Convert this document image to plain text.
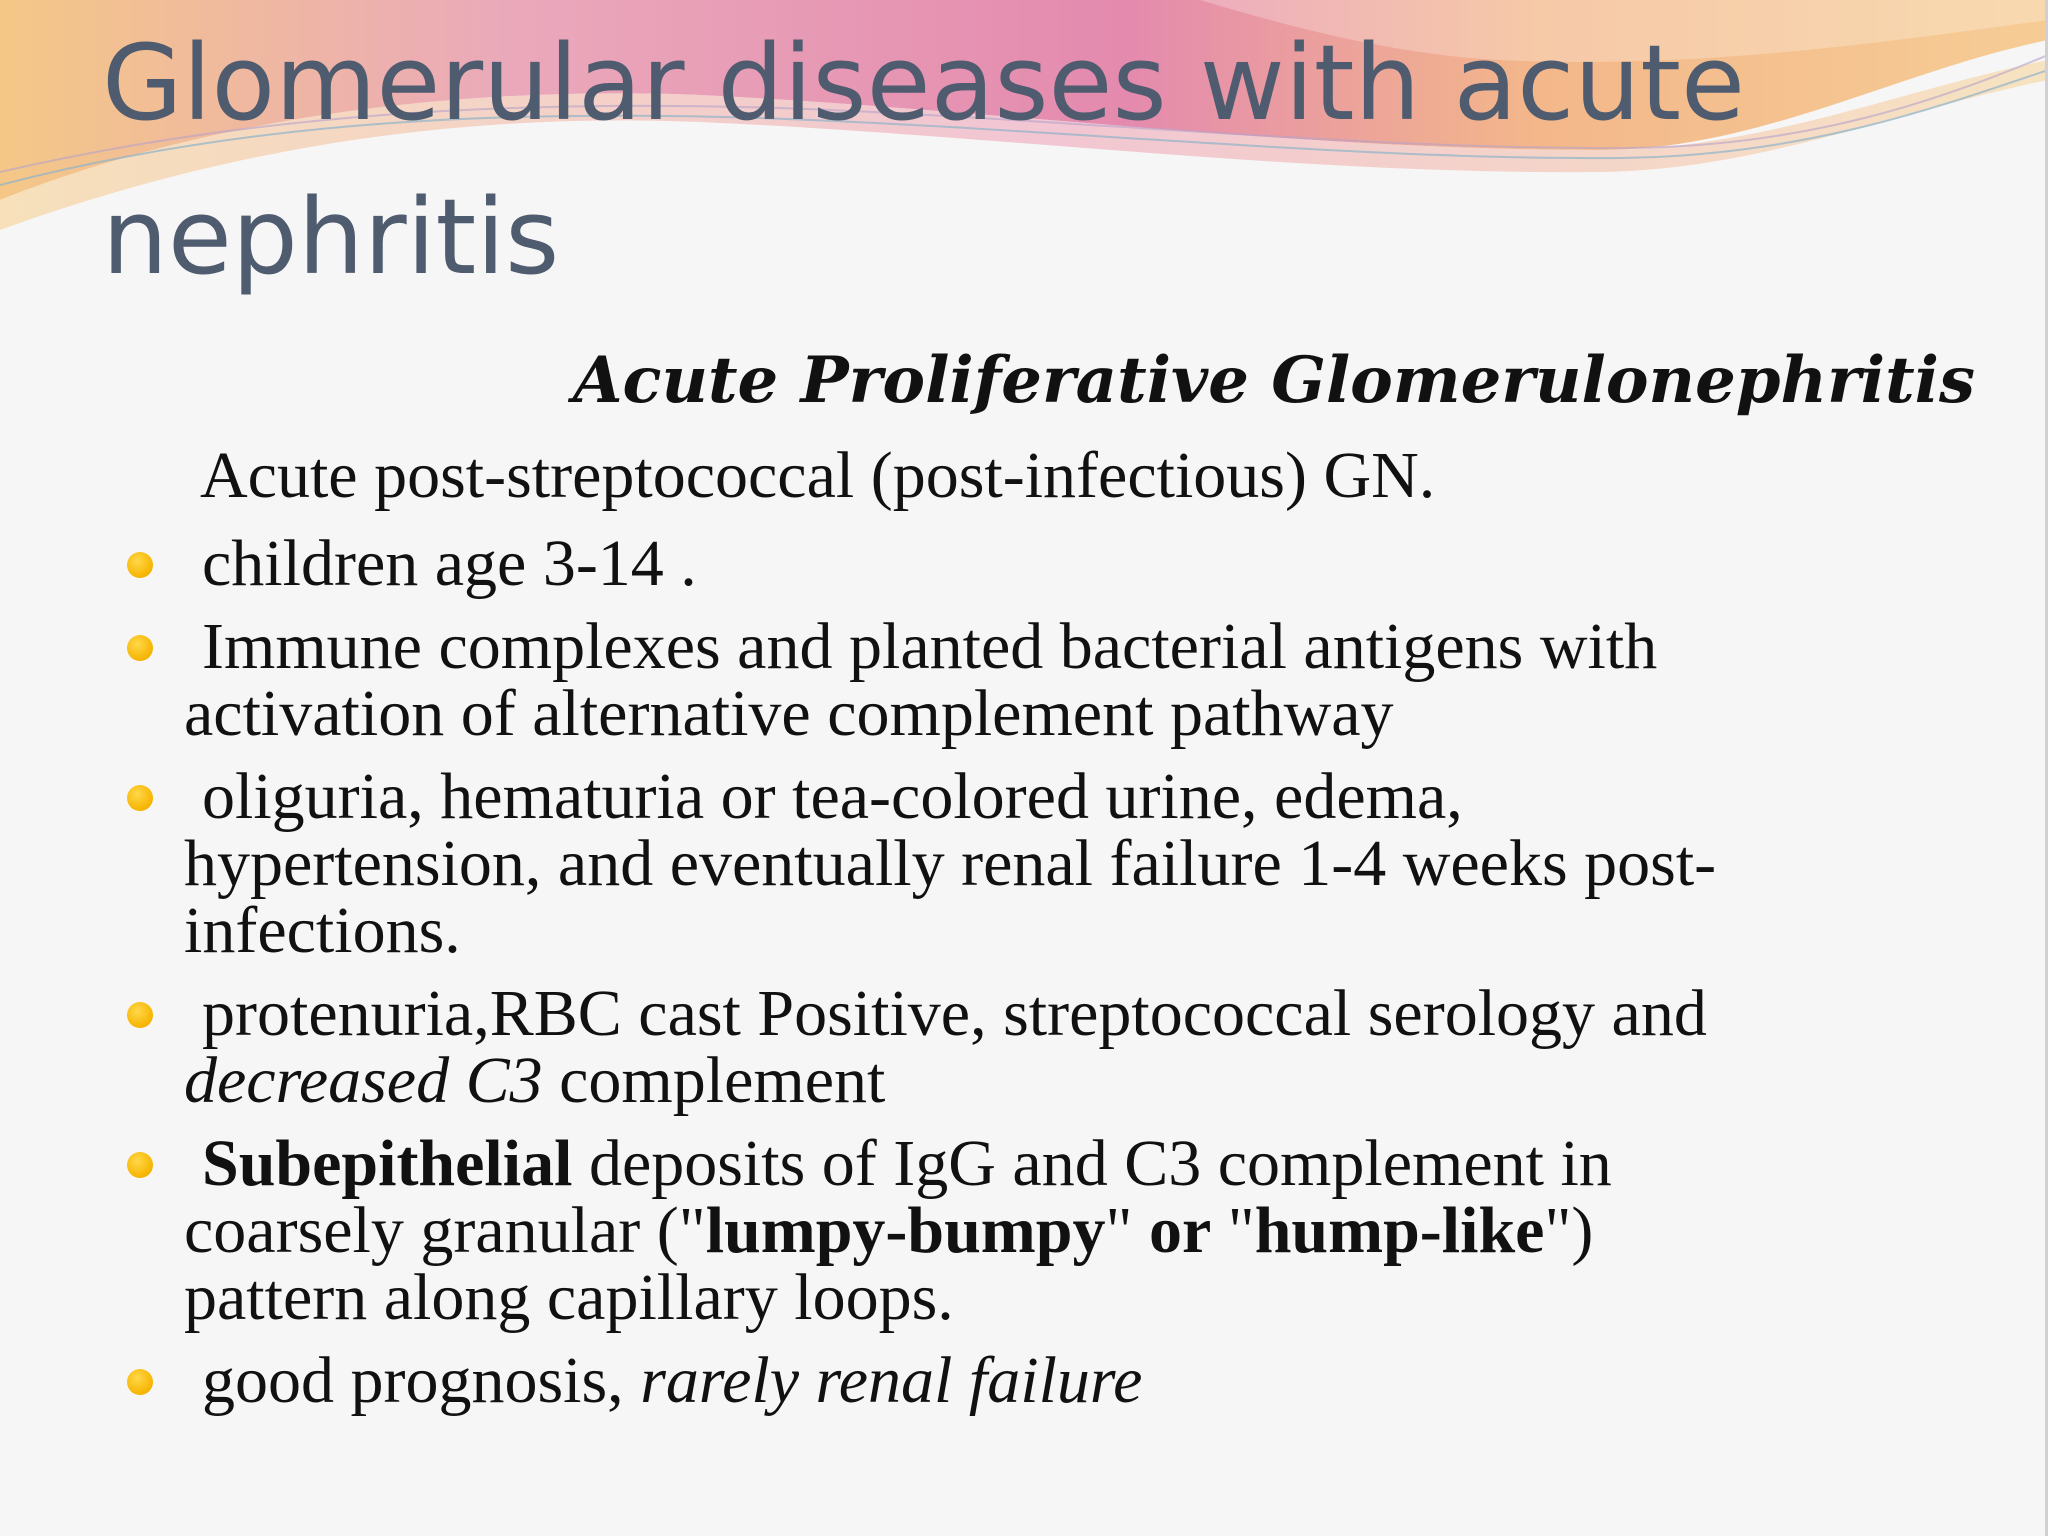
Glomerular diseases with acute
nephritis
Acute Proliferative Glomerulonephritis

Acute post-streptococcal (post-infectious) GN.

children age 3-14 .
Immune complexes and planted bacterial antigens with
activation of alternative complement pathway
oliguria, hematuria or tea-colored urine, edema,
hypertension, and eventually renal failure 1-4 weeks post-
infections.
protenuria,RBC cast Positive, streptococcal serology and
decreased C3 complement
Subepithelial deposits of IgG and C3 complement in
coarsely granular ("lumpy-bumpy" or "hump-like")
pattern along capillary loops.
good prognosis, rarely renal failure
